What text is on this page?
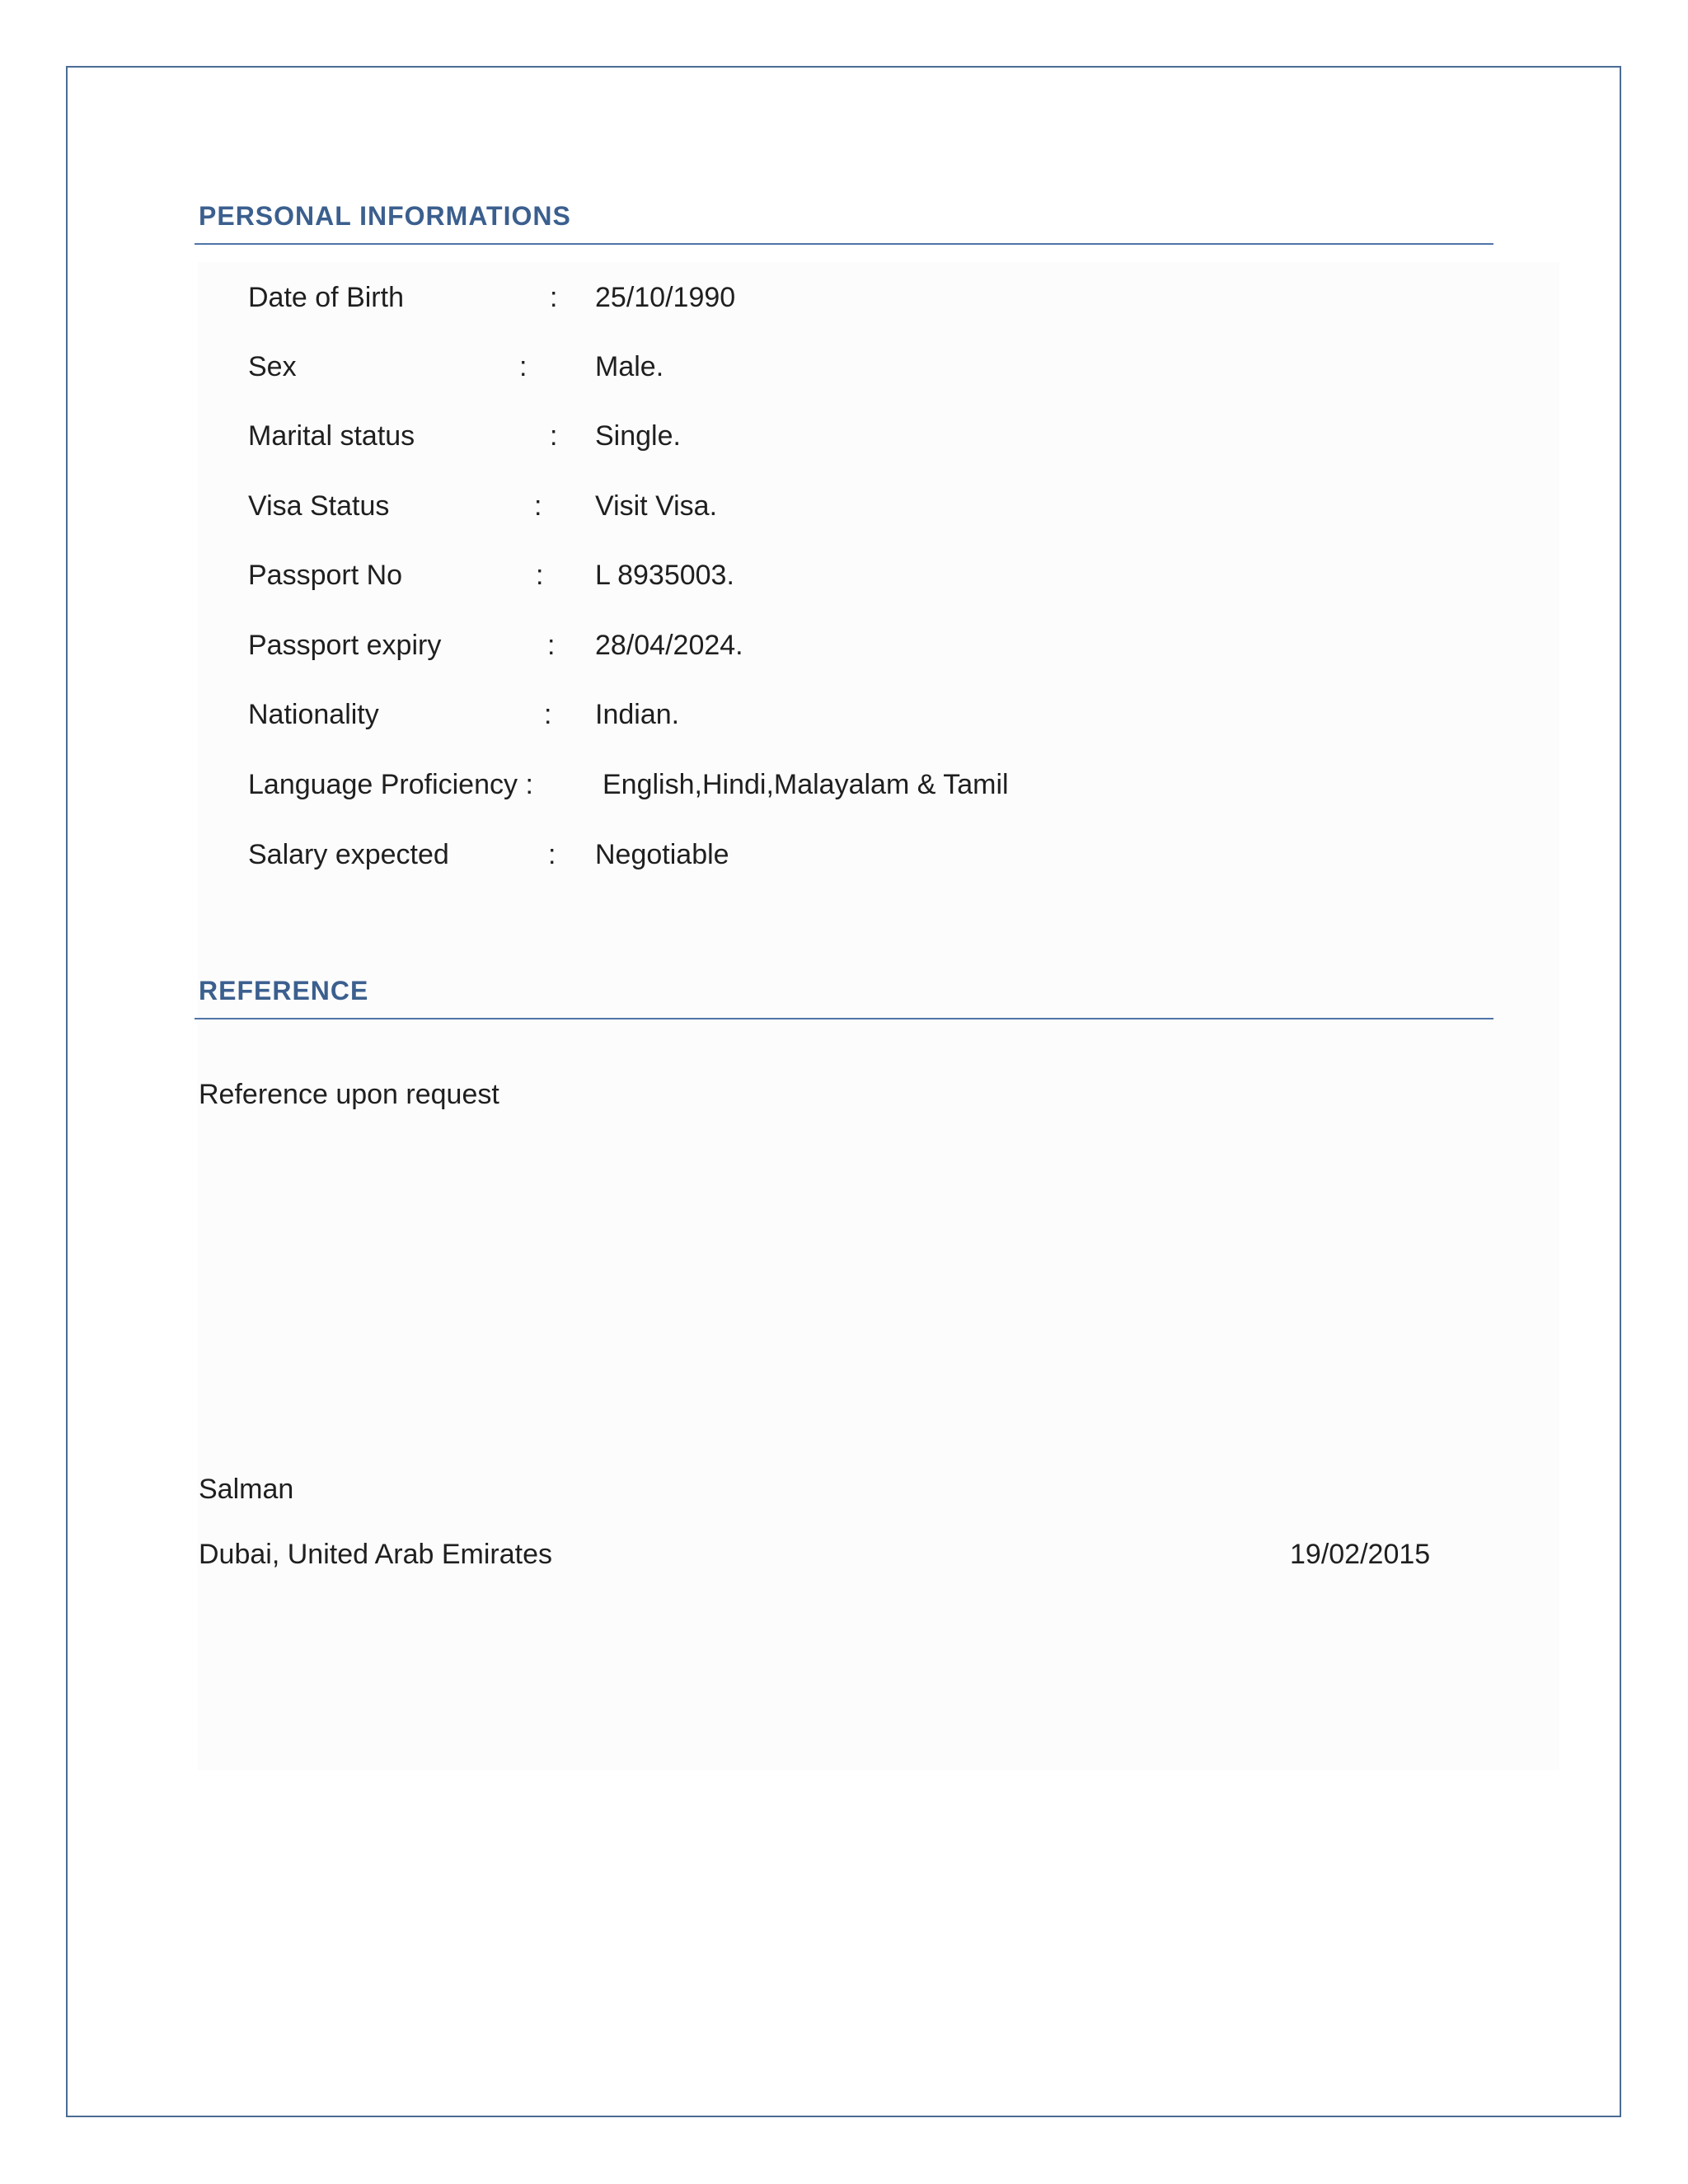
PERSONAL INFORMATIONS
Date of Birth	: 25/10/1990
Sex	: Male.
Marital status	: Single.
Visa Status	: Visit Visa.
Passport No	: L 8935003.
Passport expiry	: 28/04/2024.
Nationality	: Indian.
Language Proficiency : English,Hindi,Malayalam & Tamil
Salary expected	: Negotiable
REFERENCE

Reference upon request

Salman

Dubai, United Arab Emirates	19/02/2015
